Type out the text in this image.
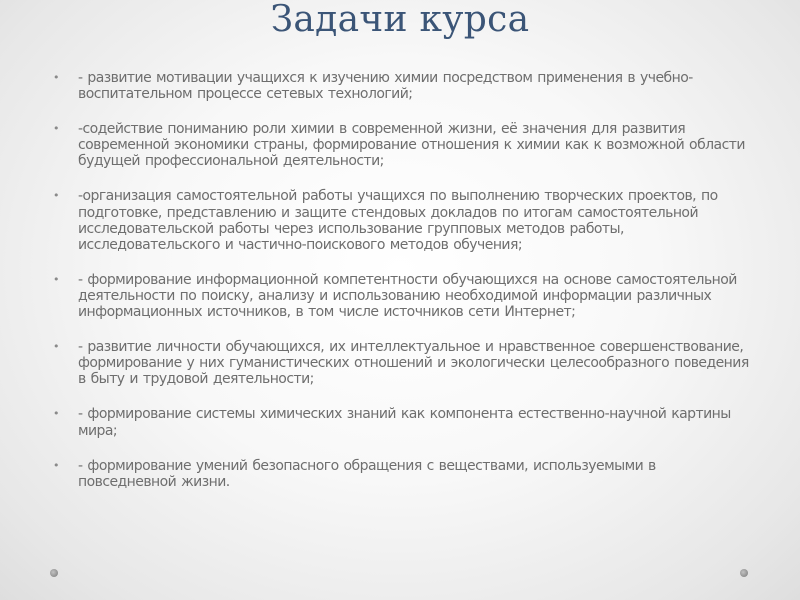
Задачи курса
•	- развитие мотивации учащихся к изучению химии посредством применения в учебно-воспитательном процессе сетевых технологий;
•	-содействие пониманию роли химии в современной жизни, её значения для развития современной экономики страны, формирование отношения к химии как к возможной области будущей профессиональной деятельности;
•	-организация самостоятельной работы учащихся по выполнению творческих проектов, по подготовке, представлению и защите стендовых докладов по итогам самостоятельной исследовательской работы через использование групповых методов работы, исследовательского и частично-поискового методов обучения;
•	- формирование информационной компетентности обучающихся на основе самостоятельной деятельности по поиску, анализу и использованию необходимой информации различных информационных источников, в том числе источников сети Интернет;
•	- развитие личности обучающихся, их интеллектуальное и нравственное совершенствование, формирование у них гуманистических отношений и экологически целесообразного поведения в быту и трудовой деятельности;
•	- формирование системы химических знаний как компонента естественно-научной картины мира;
•	- формирование умений безопасного обращения с веществами, используемыми в повседневной жизни.
